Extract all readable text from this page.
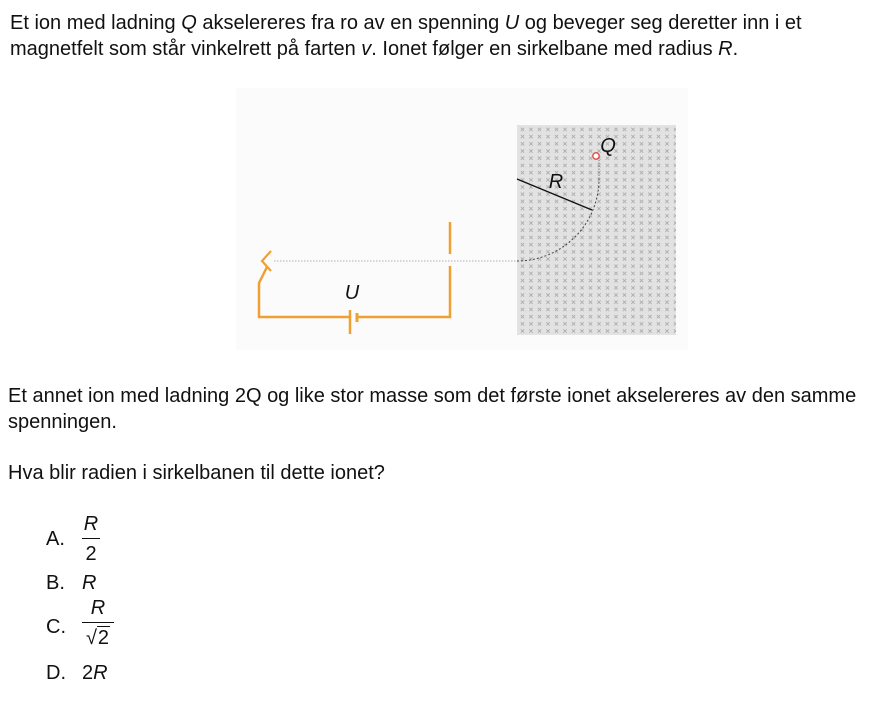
Et ion med ladning Q akselereres fra ro av en spenning U og beveger seg deretter inn i et magnetfelt som står vinkelrett på farten v. Ionet følger en sirkelbane med radius R.

U
R
Q

Et annet ion med ladning 2Q og like stor masse som det første ionet akselereres av den samme spenningen.

Hva blir radien i sirkelbanen til dette ionet?

A.
R
2
B. R
C.
R
√2
D. 2R
